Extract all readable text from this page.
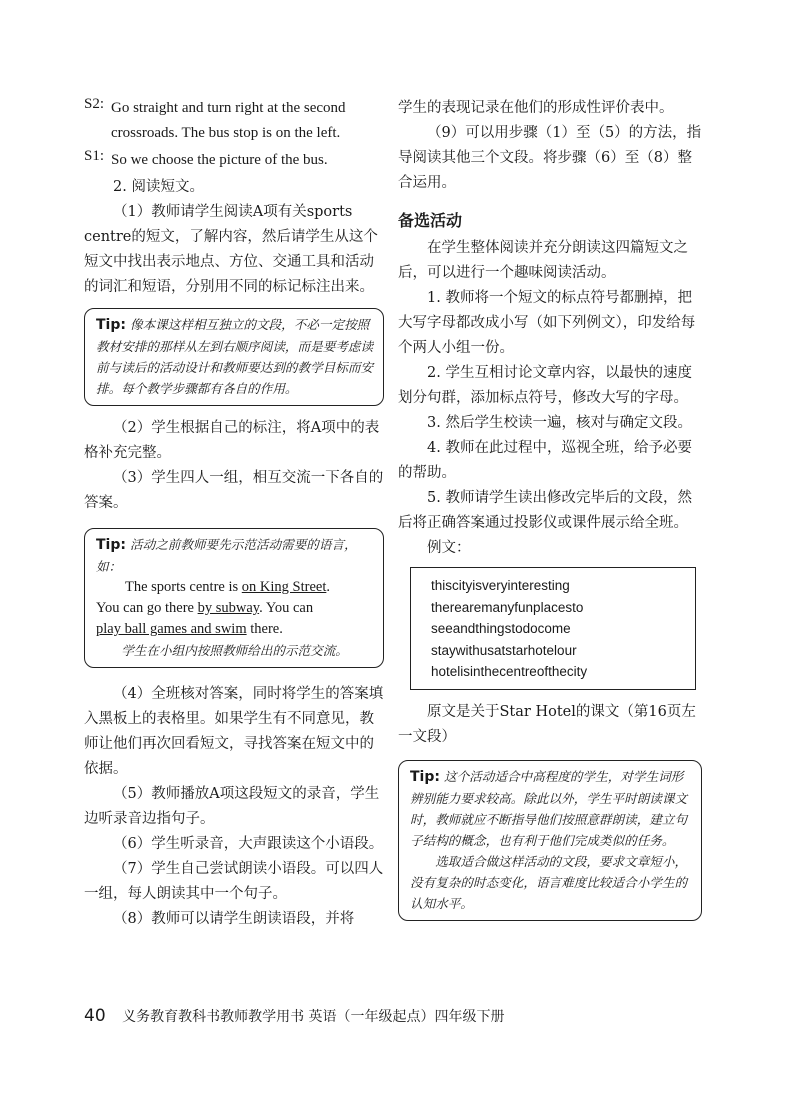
S2: Go straight and turn right at the second crossroads. The bus stop is on the left.

S1: So we choose the picture of the bus.

2. 阅读短文。

（1）教师请学生阅读A项有关sports centre的短文，了解内容，然后请学生从这个短文中找出表示地点、方位、交通工具和活动的词汇和短语，分别用不同的标记标注出来。

Tip: 像本课这样相互独立的文段，不必一定按照教材安排的那样从左到右顺序阅读，而是要考虑读前与读后的活动设计和教师要达到的教学目标而安排。每个教学步骤都有各自的作用。

（2）学生根据自己的标注，将A项中的表格补充完整。

（3）学生四人一组，相互交流一下各自的答案。

Tip: 活动之前教师要先示范活动需要的语言，如：
The sports centre is on King Street.
You can go there by subway. You can
play ball games and swim there.
学生在小组内按照教师给出的示范交流。

（4）全班核对答案，同时将学生的答案填入黑板上的表格里。如果学生有不同意见，教师让他们再次回看短文，寻找答案在短文中的依据。

（5）教师播放A项这段短文的录音，学生边听录音边指句子。

（6）学生听录音，大声跟读这个小语段。

（7）学生自己尝试朗读小语段。可以四人一组，每人朗读其中一个句子。

（8）教师可以请学生朗读语段，并将

学生的表现记录在他们的形成性评价表中。

（9）可以用步骤（1）至（5）的方法，指导阅读其他三个文段。将步骤（6）至（8）整合运用。

备选活动

在学生整体阅读并充分朗读这四篇短文之后，可以进行一个趣味阅读活动。

1. 教师将一个短文的标点符号都删掉，把大写字母都改成小写（如下列例文），印发给每个两人小组一份。

2. 学生互相讨论文章内容，以最快的速度划分句群，添加标点符号，修改大写的字母。

3. 然后学生校读一遍，核对与确定文段。

4. 教师在此过程中，巡视全班，给予必要的帮助。

5. 教师请学生读出修改完毕后的文段，然后将正确答案通过投影仪或课件展示给全班。

例文：

thiscityisveryinteresting
therearemanyfunplacesto
seeandthingstodocome
staywithusatstarhotelour
hotelisinthecentreofthecity

原文是关于Star Hotel的课文（第16页左一文段）

Tip: 这个活动适合中高程度的学生，对学生词形辨别能力要求较高。除此以外，学生平时朗读课文时，教师就应不断指导他们按照意群朗读，建立句子结构的概念，也有利于他们完成类似的任务。
选取适合做这样活动的文段，要求文章短小，没有复杂的时态变化，语言难度比较适合小学生的认知水平。
40 义务教育教科书教师教学用书 英语（一年级起点）四年级下册
